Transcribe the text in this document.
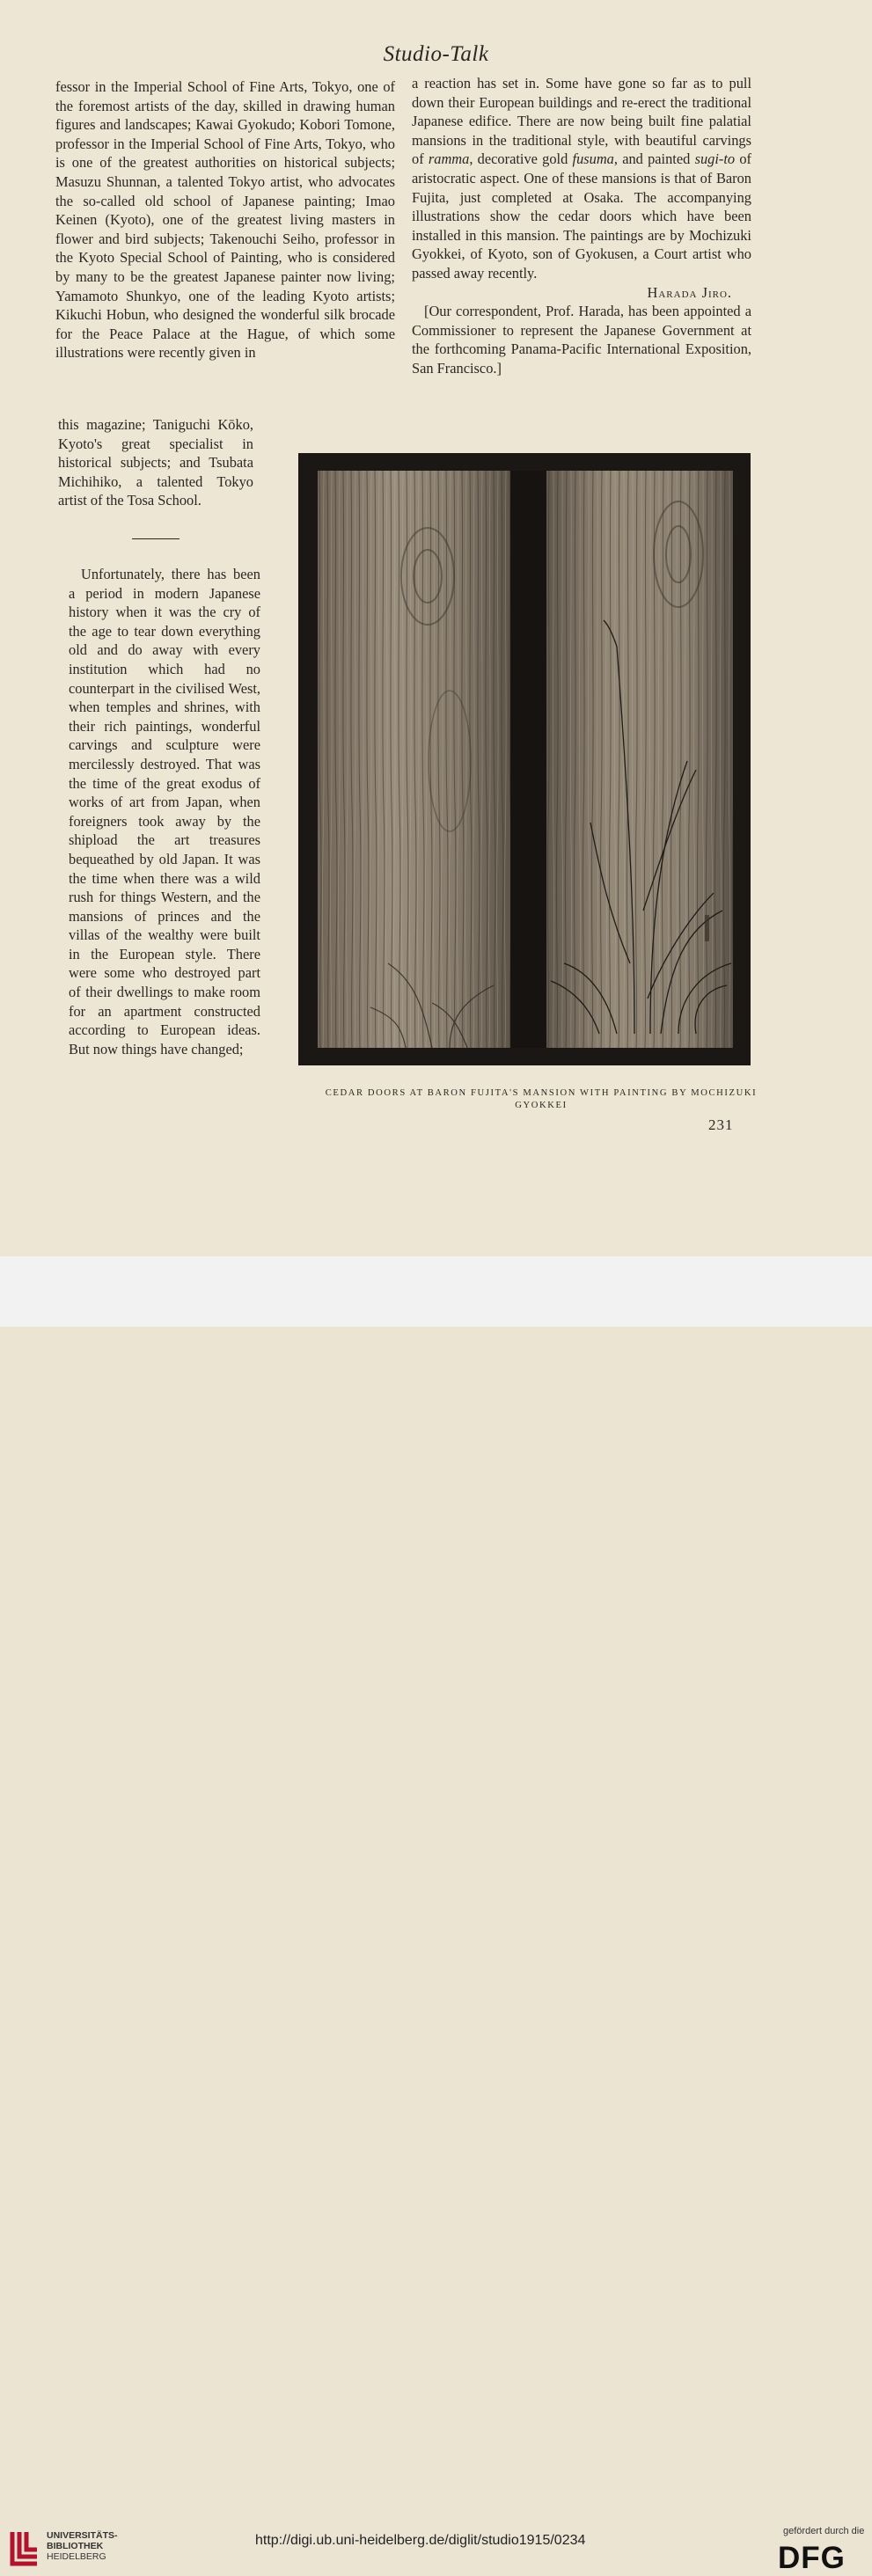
Studio-Talk

fessor in the Imperial School of Fine Arts, Tokyo, one of the foremost artists of the day, skilled in drawing human figures and landscapes; Kawai Gyokudo; Kobori Tomone, professor in the Imperial School of Fine Arts, Tokyo, who is one of the greatest authorities on historical subjects; Masuzu Shunnan, a talented Tokyo artist, who advocates the so-called old school of Japanese painting; Imao Keinen (Kyoto), one of the greatest living masters in flower and bird subjects; Takenouchi Seiho, professor in the Kyoto Special School of Painting, who is considered by many to be the greatest Japanese painter now living; Yamamoto Shunkyo, one of the leading Kyoto artists; Kikuchi Hobun, who designed the wonderful silk brocade for the Peace Palace at the Hague, of which some illustrations were recently given in

this magazine; Taniguchi Kōko, Kyoto's great specialist in historical subjects; and Tsubata Michihiko, a talented Tokyo artist of the Tosa School.

Unfortunately, there has been a period in modern Japanese history when it was the cry of the age to tear down everything old and do away with every institution which had no counterpart in the civilised West, when temples and shrines, with their rich paintings, wonderful carvings and sculpture were mercilessly destroyed. That was the time of the great exodus of works of art from Japan, when foreigners took away by the shipload the art treasures bequeathed by old Japan. It was the time when there was a wild rush for things Western, and the mansions of princes and the villas of the wealthy were built in the European style. There were some who destroyed part of their dwellings to make room for an apartment constructed according to European ideas. But now things have changed;

a reaction has set in. Some have gone so far as to pull down their European buildings and re-erect the traditional Japanese edifice. There are now being built fine palatial mansions in the traditional style, with beautiful carvings of ramma, decorative gold fusuma, and painted sugi-to of aristocratic aspect. One of these mansions is that of Baron Fujita, just completed at Osaka. The accompanying illustrations show the cedar doors which have been installed in this mansion. The paintings are by Mochizuki Gyokkei, of Kyoto, son of Gyokusen, a Court artist who passed away recently.

Harada Jiro.

[Our correspondent, Prof. Harada, has been appointed a Commissioner to represent the Japanese Government at the forthcoming Panama-Pacific International Exposition, San Francisco.]

CEDAR DOORS AT BARON FUJITA'S MANSION WITH PAINTING BY MOCHIZUKI
GYOKKEI
231
UNIVERSITÄTS-
BIBLIOTHEK
HEIDELBERG
http://digi.ub.uni-heidelberg.de/diglit/studio1915/0234
gefördert durch die
DFG
